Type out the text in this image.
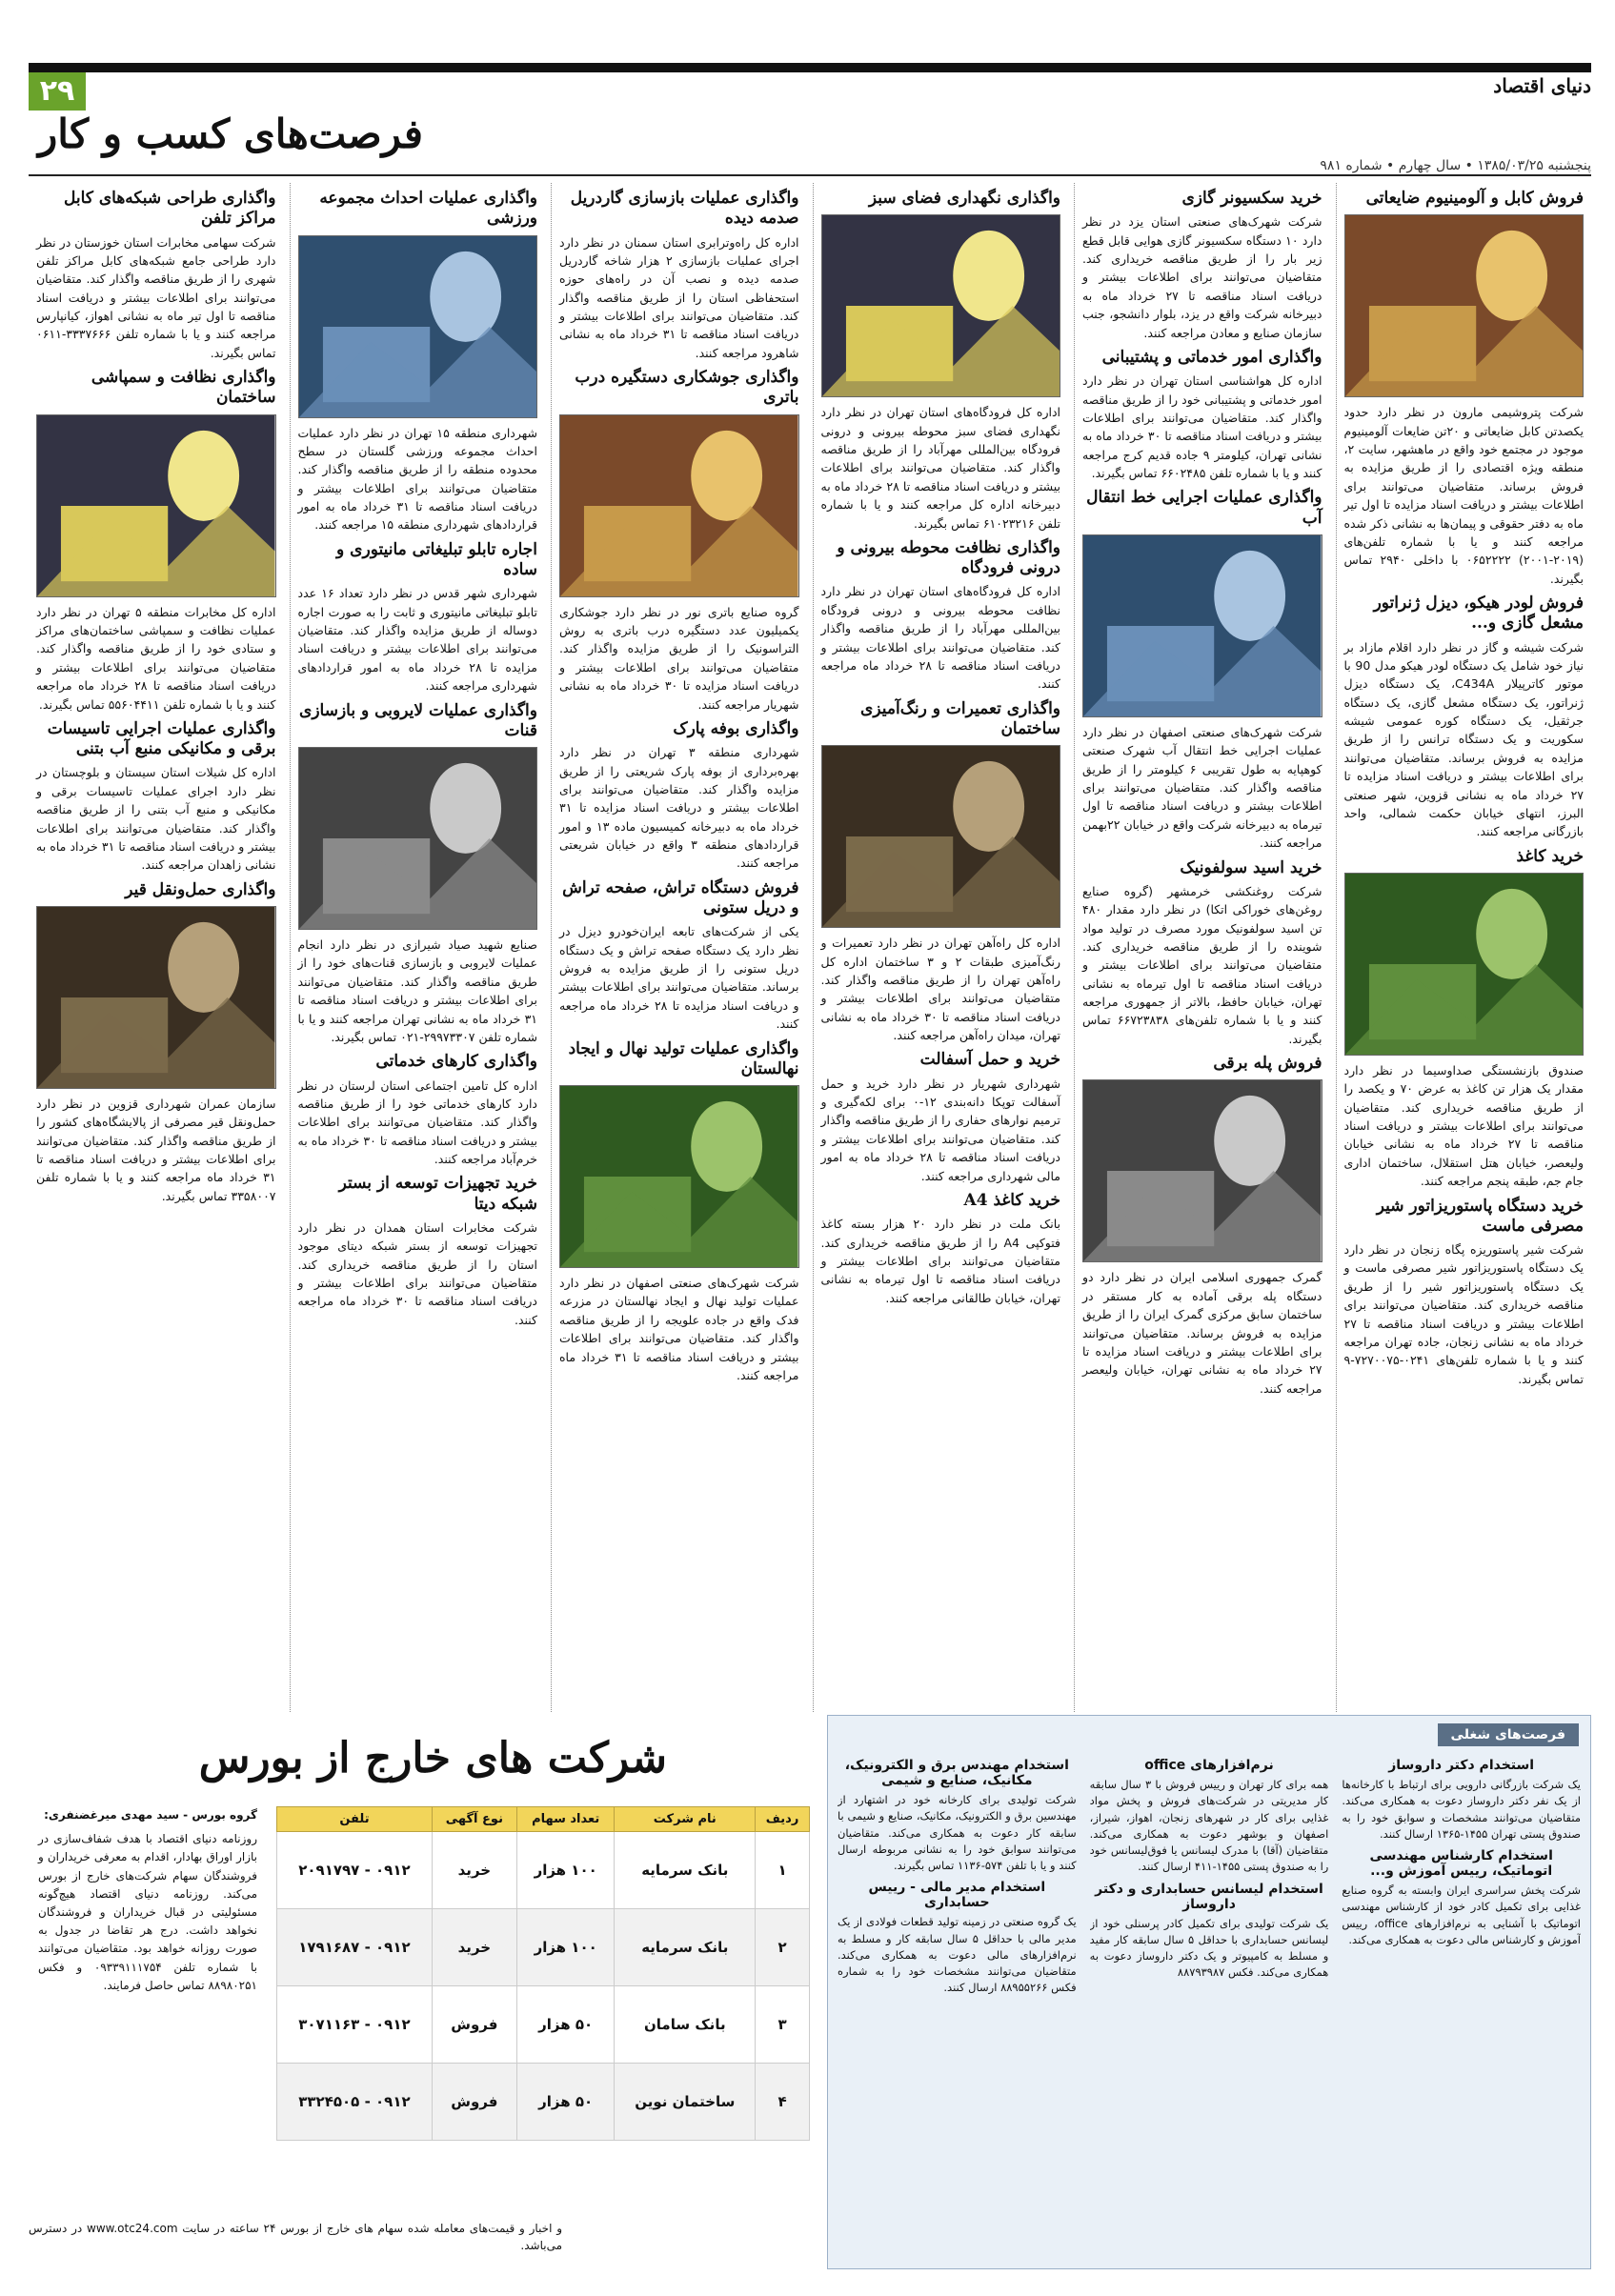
۲۹	دنیای اقتصاد
فرصت‌های کسب و کار
پنجشنبه ۱۳۸۵/۰۳/۲۵ • سال چهارم • شماره ۹۸۱
فروش کابل و آلومینیوم ضایعاتی

شرکت پتروشیمی مارون در نظر دارد حدود یکصدتن کابل ضایعاتی و ۲۰تن ضایعات آلومینیوم موجود در مجتمع خود واقع در ماهشهر، سایت ۲، منطقه ویژه اقتصادی را از طریق مزایده به فروش برساند. متقاضیان می‌توانند برای اطلاعات بیشتر و دریافت اسناد مزایده تا اول تیر ماه به دفتر حقوقی و پیمان‌ها به نشانی ذکر شده مراجعه کنند و یا با شماره تلفن‌های (۲۰۱۹-۲۰۰۱) ۰۶۵۲۲۲۲ با داخلی ۲۹۴۰ تماس بگیرند.

فروش لودر هیکو، دیزل ژنراتور مشعل گازی و...

شرکت شیشه و گاز در نظر دارد اقلام مازاد بر نیاز خود شامل یک دستگاه لودر هیکو مدل 90 با موتور کاترپیلار C434A، یک دستگاه دیزل ژنراتور، یک دستگاه مشعل گازی، یک دستگاه جرثقیل، یک دستگاه کوره عمومی شیشه سکوریت و یک دستگاه ترانس را از طریق مزایده به فروش برساند. متقاضیان می‌توانند برای اطلاعات بیشتر و دریافت اسناد مزایده تا ۲۷ خرداد ماه به نشانی قزوین، شهر صنعتی البرز، انتهای خیابان حکمت شمالی، واحد بازرگانی مراجعه کنند.

خرید کاغذ

صندوق بازنشستگی صداوسیما در نظر دارد مقدار یک هزار تن کاغذ به عرض ۷۰ و یکصد را از طریق مناقصه خریداری کند. متقاضیان می‌توانند برای اطلاعات بیشتر و دریافت اسناد مناقصه تا ۲۷ خرداد ماه به نشانی خیابان ولیعصر، خیابان هتل استقلال، ساختمان اداری جام جم، طبقه پنجم مراجعه کنند.

خرید دستگاه پاستوریزاتور شیر مصرفی ماست

شرکت شیر پاستوریزه پگاه زنجان در نظر دارد یک دستگاه پاستوریزاتور شیر مصرفی ماست و یک دستگاه پاستوریزاتور شیر را از طریق مناقصه خریداری کند. متقاضیان می‌توانند برای اطلاعات بیشتر و دریافت اسناد مناقصه تا ۲۷ خرداد ماه به نشانی زنجان، جاده تهران مراجعه کنند و یا با شماره تلفن‌های ۰۲۴۱-۷۲۷۰۰۷۵-۹ تماس بگیرند.

خرید سکسیونر گازی

شرکت شهرک‌های صنعتی استان یزد در نظر دارد ۱۰ دستگاه سکسیونر گازی هوایی قابل قطع زیر بار را از طریق مناقصه خریداری کند. متقاضیان می‌توانند برای اطلاعات بیشتر و دریافت اسناد مناقصه تا ۲۷ خرداد ماه به دبیرخانه شرکت واقع در یزد، بلوار دانشجو، جنب سازمان صنایع و معادن مراجعه کنند.

واگذاری امور خدماتی و پشتیبانی

اداره کل هواشناسی استان تهران در نظر دارد امور خدماتی و پشتیبانی خود را از طریق مناقصه واگذار کند. متقاضیان می‌توانند برای اطلاعات بیشتر و دریافت اسناد مناقصه تا ۳۰ خرداد ماه به نشانی تهران، کیلومتر ۹ جاده قدیم کرج مراجعه کنند و یا با شماره تلفن ۶۶۰۲۴۸۵ تماس بگیرند.

واگذاری عملیات اجرایی خط انتقال آب

شرکت شهرک‌های صنعتی اصفهان در نظر دارد عملیات اجرایی خط انتقال آب شهرک صنعتی کوهپایه به طول تقریبی ۶ کیلومتر را از طریق مناقصه واگذار کند. متقاضیان می‌توانند برای اطلاعات بیشتر و دریافت اسناد مناقصه تا اول تیرماه به دبیرخانه شرکت واقع در خیابان ۲۲بهمن مراجعه کنند.

خرید اسید سولفونیک

شرکت روغنکشی خرمشهر (گروه صنایع روغن‌های خوراکی اتکا) در نظر دارد مقدار ۴۸۰ تن اسید سولفونیک مورد مصرف در تولید مواد شوینده را از طریق مناقصه خریداری کند. متقاضیان می‌توانند برای اطلاعات بیشتر و دریافت اسناد مناقصه تا اول تیرماه به نشانی تهران، خیابان حافظ، بالاتر از جمهوری مراجعه کنند و یا با شماره تلفن‌های ۶۶۷۲۳۸۳۸ تماس بگیرند.

فروش پله برقی

گمرک جمهوری اسلامی ایران در نظر دارد دو دستگاه پله برقی آماده به کار مستقر در ساختمان سابق مرکزی گمرک ایران را از طریق مزایده به فروش برساند. متقاضیان می‌توانند برای اطلاعات بیشتر و دریافت اسناد مزایده تا ۲۷ خرداد ماه به نشانی تهران، خیابان ولیعصر مراجعه کنند.

واگذاری نگهداری فضای سبز

اداره کل فرودگاه‌های استان تهران در نظر دارد نگهداری فضای سبز محوطه بیرونی و درونی فرودگاه بین‌المللی مهرآباد را از طریق مناقصه واگذار کند. متقاضیان می‌توانند برای اطلاعات بیشتر و دریافت اسناد مناقصه تا ۲۸ خرداد ماه به دبیرخانه اداره کل مراجعه کنند و یا با شماره تلفن ۶۱۰۲۳۲۱۶ تماس بگیرند.

واگذاری نظافت محوطه بیرونی و درونی فرودگاه

اداره کل فرودگاه‌های استان تهران در نظر دارد نظافت محوطه بیرونی و درونی فرودگاه بین‌المللی مهرآباد را از طریق مناقصه واگذار کند. متقاضیان می‌توانند برای اطلاعات بیشتر و دریافت اسناد مناقصه تا ۲۸ خرداد ماه مراجعه کنند.

واگذاری تعمیرات و رنگ‌آمیزی ساختمان

اداره کل راه‌آهن تهران در نظر دارد تعمیرات و رنگ‌آمیزی طبقات ۲ و ۳ ساختمان اداره کل راه‌آهن تهران را از طریق مناقصه واگذار کند. متقاضیان می‌توانند برای اطلاعات بیشتر و دریافت اسناد مناقصه تا ۳۰ خرداد ماه به نشانی تهران، میدان راه‌آهن مراجعه کنند.

خرید و حمل آسفالت

شهرداری شهریار در نظر دارد خرید و حمل آسفالت توپکا دانه‌بندی ۱۲-۰ برای لکه‌گیری و ترمیم نوارهای حفاری را از طریق مناقصه واگذار کند. متقاضیان می‌توانند برای اطلاعات بیشتر و دریافت اسناد مناقصه تا ۲۸ خرداد ماه به امور مالی شهرداری مراجعه کنند.

خرید کاغذ A4

بانک ملت در نظر دارد ۲۰ هزار بسته کاغذ فتوکپی A4 را از طریق مناقصه خریداری کند. متقاضیان می‌توانند برای اطلاعات بیشتر و دریافت اسناد مناقصه تا اول تیرماه به نشانی تهران، خیابان طالقانی مراجعه کنند.

واگذاری عملیات بازسازی گاردریل صدمه دیده

اداره کل راه‌وترابری استان سمنان در نظر دارد اجرای عملیات بازسازی ۲ هزار شاخه گاردریل صدمه دیده و نصب آن در راه‌های حوزه استحفاظی استان را از طریق مناقصه واگذار کند. متقاضیان می‌توانند برای اطلاعات بیشتر و دریافت اسناد مناقصه تا ۳۱ خرداد ماه به نشانی شاهرود مراجعه کنند.

واگذاری جوشکاری دستگیره درب باتری

گروه صنایع باتری نور در نظر دارد جوشکاری یکمیلیون عدد دستگیره درب باتری به روش التراسونیک را از طریق مزایده واگذار کند. متقاضیان می‌توانند برای اطلاعات بیشتر و دریافت اسناد مزایده تا ۳۰ خرداد ماه به نشانی شهریار مراجعه کنند.

واگذاری بوفه پارک

شهرداری منطقه ۳ تهران در نظر دارد بهره‌برداری از بوفه پارک شریعتی را از طریق مزایده واگذار کند. متقاضیان می‌توانند برای اطلاعات بیشتر و دریافت اسناد مزایده تا ۳۱ خرداد ماه به دبیرخانه کمیسیون ماده ۱۳ و امور قراردادهای منطقه ۳ واقع در خیابان شریعتی مراجعه کنند.

فروش دستگاه تراش، صفحه تراش و دریل ستونی

یکی از شرکت‌های تابعه ایران‌خودرو دیزل در نظر دارد یک دستگاه صفحه تراش و یک دستگاه دریل ستونی را از طریق مزایده به فروش برساند. متقاضیان می‌توانند برای اطلاعات بیشتر و دریافت اسناد مزایده تا ۲۸ خرداد ماه مراجعه کنند.

واگذاری عملیات تولید نهال و ایجاد نهالستان

شرکت شهرک‌های صنعتی اصفهان در نظر دارد عملیات تولید نهال و ایجاد نهالستان در مزرعه فدک واقع در جاده علویجه را از طریق مناقصه واگذار کند. متقاضیان می‌توانند برای اطلاعات بیشتر و دریافت اسناد مناقصه تا ۳۱ خرداد ماه مراجعه کنند.

واگذاری عملیات احداث مجموعه ورزشی

شهرداری منطقه ۱۵ تهران در نظر دارد عملیات احداث مجموعه ورزشی گلستان در سطح محدوده منطقه را از طریق مناقصه واگذار کند. متقاضیان می‌توانند برای اطلاعات بیشتر و دریافت اسناد مناقصه تا ۳۱ خرداد ماه به امور قراردادهای شهرداری منطقه ۱۵ مراجعه کنند.

اجاره تابلو تبلیغاتی مانیتوری و ساده

شهرداری شهر قدس در نظر دارد تعداد ۱۶ عدد تابلو تبلیغاتی مانیتوری و ثابت را به صورت اجاره دوساله از طریق مزایده واگذار کند. متقاضیان می‌توانند برای اطلاعات بیشتر و دریافت اسناد مزایده تا ۲۸ خرداد ماه به امور قراردادهای شهرداری مراجعه کنند.

واگذاری عملیات لایروبی و بازسازی قنات

صنایع شهید صیاد شیرازی در نظر دارد انجام عملیات لایروبی و بازسازی قنات‌های خود را از طریق مناقصه واگذار کند. متقاضیان می‌توانند برای اطلاعات بیشتر و دریافت اسناد مناقصه تا ۳۱ خرداد ماه به نشانی تهران مراجعه کنند و یا با شماره تلفن ۲۹۹۷۳۳۰۷-۰۲۱ تماس بگیرند.

واگذاری کارهای خدماتی

اداره کل تامین اجتماعی استان لرستان در نظر دارد کارهای خدماتی خود را از طریق مناقصه واگذار کند. متقاضیان می‌توانند برای اطلاعات بیشتر و دریافت اسناد مناقصه تا ۳۰ خرداد ماه به خرم‌آباد مراجعه کنند.

خرید تجهیزات توسعه از بستر شبکه دیتا

شرکت مخابرات استان همدان در نظر دارد تجهیزات توسعه از بستر شبکه دیتای موجود استان را از طریق مناقصه خریداری کند. متقاضیان می‌توانند برای اطلاعات بیشتر و دریافت اسناد مناقصه تا ۳۰ خرداد ماه مراجعه کنند.

واگذاری طراحی شبکه‌های کابل مراکز تلفن

شرکت سهامی مخابرات استان خوزستان در نظر دارد طراحی جامع شبکه‌های کابل مراکز تلفن شهری را از طریق مناقصه واگذار کند. متقاضیان می‌توانند برای اطلاعات بیشتر و دریافت اسناد مناقصه تا اول تیر ماه به نشانی اهواز، کیانپارس مراجعه کنند و یا با شماره تلفن ۳۳۳۷۶۶۶-۰۶۱۱ تماس بگیرند.

واگذاری نظافت و سمپاشی ساختمان

اداره کل مخابرات منطقه ۵ تهران در نظر دارد عملیات نظافت و سمپاشی ساختمان‌های مراکز و ستادی خود را از طریق مناقصه واگذار کند. متقاضیان می‌توانند برای اطلاعات بیشتر و دریافت اسناد مناقصه تا ۲۸ خرداد ماه مراجعه کنند و یا با شماره تلفن ۵۵۶۰۴۴۱۱ تماس بگیرند.

واگذاری عملیات اجرایی تاسیسات برقی و مکانیکی منبع آب بتنی

اداره کل شیلات استان سیستان و بلوچستان در نظر دارد اجرای عملیات تاسیسات برقی و مکانیکی و منبع آب بتنی را از طریق مناقصه واگذار کند. متقاضیان می‌توانند برای اطلاعات بیشتر و دریافت اسناد مناقصه تا ۳۱ خرداد ماه به نشانی زاهدان مراجعه کنند.

واگذاری حمل‌ونقل قیر

سازمان عمران شهرداری قزوین در نظر دارد حمل‌ونقل قیر مصرفی از پالایشگاه‌های کشور را از طریق مناقصه واگذار کند. متقاضیان می‌توانند برای اطلاعات بیشتر و دریافت اسناد مناقصه تا ۳۱ خرداد ماه مراجعه کنند و یا با شماره تلفن ۳۳۵۸۰۰۷ تماس بگیرند.

فرصت‌های شغلی
استخدام دکتر داروساز

یک شرکت بازرگانی دارویی برای ارتباط با کارخانه‌ها از یک نفر دکتر داروساز دعوت به همکاری می‌کند. متقاضیان می‌توانند مشخصات و سوابق خود را به صندوق پستی تهران ۱۴۵۵-۱۳۶۵ ارسال کنند.

استخدام کارشناس مهندسی اتوماتیک، رییس آموزش و...

شرکت پخش سراسری ایران وابسته به گروه صنایع غذایی برای تکمیل کادر خود از کارشناس مهندسی اتوماتیک با آشنایی به نرم‌افزارهای office، رییس آموزش و کارشناس مالی دعوت به همکاری می‌کند.

نرم‌افزارهای office

همه برای کار تهران و رییس فروش با ۳ سال سابقه کار مدیریتی در شرکت‌های فروش و پخش مواد غذایی برای کار در شهرهای زنجان، اهواز، شیراز، اصفهان و بوشهر دعوت به همکاری می‌کند. متقاضیان (آقا) با مدرک لیسانس یا فوق‌لیسانس خود را به صندوق پستی ۱۴۵۵-۴۱۱ ارسال کنند.

استخدام لیسانس حسابداری و دکتر داروساز

یک شرکت تولیدی برای تکمیل کادر پرسنلی خود از لیسانس حسابداری با حداقل ۵ سال سابقه کار مفید و مسلط به کامپیوتر و یک دکتر داروساز دعوت به همکاری می‌کند. فکس ۸۸۷۹۳۹۸۷

استخدام مهندس برق و الکترونیک، مکانیک، صنایع و شیمی

شرکت تولیدی برای کارخانه خود در اشتهارد از مهندسین برق و الکترونیک، مکانیک، صنایع و شیمی با سابقه کار دعوت به همکاری می‌کند. متقاضیان می‌توانند سوابق خود را به نشانی مربوطه ارسال کنند و یا با تلفن ۵۷۴-۱۱۳۶ تماس بگیرند.

استخدام مدیر مالی - رییس حسابداری

یک گروه صنعتی در زمینه تولید قطعات فولادی از یک مدیر مالی با حداقل ۵ سال سابقه کار و مسلط به نرم‌افزارهای مالی دعوت به همکاری می‌کند. متقاضیان می‌توانند مشخصات خود را به شماره فکس ۸۸۹۵۵۲۶۶ ارسال کنند.

شرکت های خارج از بورس
ردیف	نام شرکت	تعداد سهام	نوع آگهی	تلفن
۱	بانک سرمایه	۱۰۰ هزار	خرید	۰۹۱۲ - ۲۰۹۱۷۹۷
۲	بانک سرمایه	۱۰۰ هزار	خرید	۰۹۱۲ - ۱۷۹۱۶۸۷
۳	بانک سامان	۵۰ هزار	فروش	۰۹۱۲ - ۳۰۷۱۱۶۳
۴	ساختمان نوین	۵۰ هزار	فروش	۰۹۱۲ - ۳۳۲۴۵۰۵

گروه بورس - سید مهدی میرغضنفری:

روزنامه دنیای اقتصاد با هدف شفاف‌سازی در بازار اوراق بهادار، اقدام به معرفی خریداران و فروشندگان سهام شرکت‌های خارج از بورس می‌کند. روزنامه دنیای اقتصاد هیچ‌گونه مسئولیتی در قبال خریداران و فروشندگان نخواهد داشت. درج هر تقاضا در جدول به صورت روزانه خواهد بود. متقاضیان می‌توانند با شماره تلفن ۰۹۳۳۹۱۱۱۷۵۴ و فکس ۸۸۹۸۰۲۵۱ تماس حاصل فرمایند.

و اخبار و قیمت‌های معامله شده سهام های خارج از بورس ۲۴ ساعته در سایت www.otc24.com در دسترس می‌باشد.
